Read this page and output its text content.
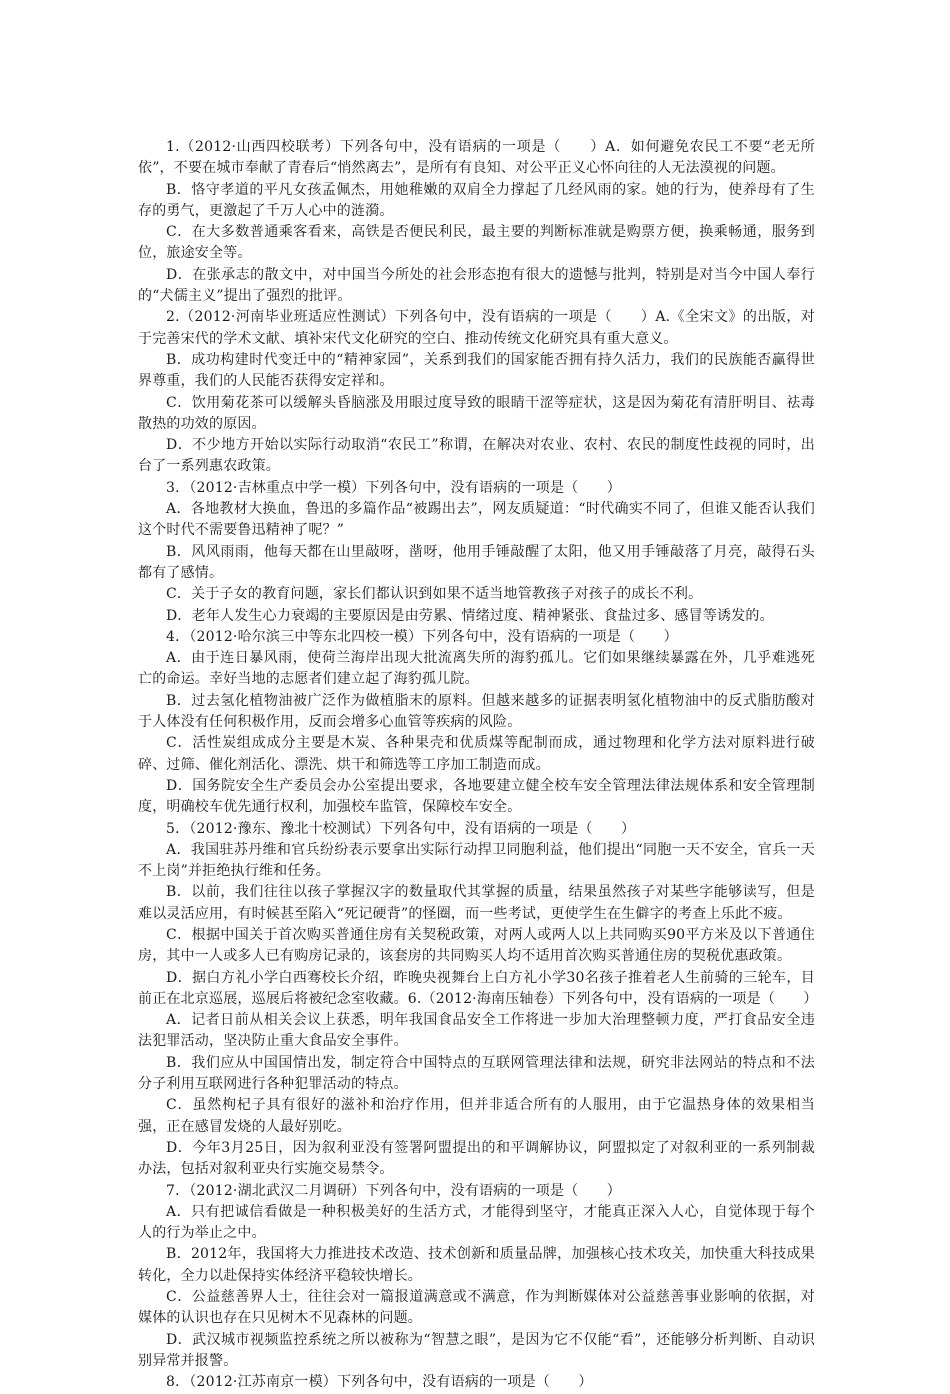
1.（2012·山西四校联考）下列各句中，没有语病的一项是（　　）A．如何避免农民工不要“老无所依”，不要在城市奉献了青春后“悄然离去”，是所有有良知、对公平正义心怀向往的人无法漠视的问题。

B．恪守孝道的平凡女孩孟佩杰，用她稚嫩的双肩全力撑起了几经风雨的家。她的行为，使养母有了生存的勇气，更激起了千万人心中的涟漪。

C．在大多数普通乘客看来，高铁是否便民利民，最主要的判断标准就是购票方便，换乘畅通，服务到位，旅途安全等。

D．在张承志的散文中，对中国当今所处的社会形态抱有很大的遗憾与批判，特别是对当今中国人奉行的“犬儒主义”提出了强烈的批评。

2.（2012·河南毕业班适应性测试）下列各句中，没有语病的一项是（　　）A.《全宋文》的出版，对于完善宋代的学术文献、填补宋代文化研究的空白、推动传统文化研究具有重大意义。

B．成功构建时代变迁中的“精神家园”，关系到我们的国家能否拥有持久活力，我们的民族能否赢得世界尊重，我们的人民能否获得安定祥和。

C．饮用菊花茶可以缓解头昏脑涨及用眼过度导致的眼睛干涩等症状，这是因为菊花有清肝明目、祛毒散热的功效的原因。

D．不少地方开始以实际行动取消“农民工”称谓，在解决对农业、农村、农民的制度性歧视的同时，出台了一系列惠农政策。

3．（2012·吉林重点中学一模）下列各句中，没有语病的一项是（　　）

A．各地教材大换血，鲁迅的多篇作品“被踢出去”，网友质疑道：“时代确实不同了，但谁又能否认我们这个时代不需要鲁迅精神了呢？”

B．风风雨雨，他每天都在山里敲呀，凿呀，他用手锤敲醒了太阳，他又用手锤敲落了月亮，敲得石头都有了感情。

C．关于子女的教育问题，家长们都认识到如果不适当地管教孩子对孩子的成长不利。

D．老年人发生心力衰竭的主要原因是由劳累、情绪过度、精神紧张、食盐过多、感冒等诱发的。

4．（2012·哈尔滨三中等东北四校一模）下列各句中，没有语病的一项是（　　）

A．由于连日暴风雨，使荷兰海岸出现大批流离失所的海豹孤儿。它们如果继续暴露在外，几乎难逃死亡的命运。幸好当地的志愿者们建立起了海豹孤儿院。

B．过去氢化植物油被广泛作为做植脂末的原料。但越来越多的证据表明氢化植物油中的反式脂肪酸对于人体没有任何积极作用，反而会增多心血管等疾病的风险。

C．活性炭组成成分主要是木炭、各种果壳和优质煤等配制而成，通过物理和化学方法对原料进行破碎、过筛、催化剂活化、漂洗、烘干和筛选等工序加工制造而成。

D．国务院安全生产委员会办公室提出要求，各地要建立健全校车安全管理法律法规体系和安全管理制度，明确校车优先通行权利，加强校车监管，保障校车安全。

5．（2012·豫东、豫北十校测试）下列各句中，没有语病的一项是（　　）

A．我国驻苏丹维和官兵纷纷表示要拿出实际行动捍卫同胞利益，他们提出“同胞一天不安全，官兵一天不上岗”并拒绝执行维和任务。

B．以前，我们往往以孩子掌握汉字的数量取代其掌握的质量，结果虽然孩子对某些字能够读写，但是难以灵活应用，有时候甚至陷入“死记硬背”的怪圈，而一些考试，更使学生在生僻字的考查上乐此不疲。

C．根据中国关于首次购买普通住房有关契税政策，对两人或两人以上共同购买90平方米及以下普通住房，其中一人或多人已有购房记录的，该套房的共同购买人均不适用首次购买普通住房的契税优惠政策。

D．据白方礼小学白西骞校长介绍，昨晚央视舞台上白方礼小学30名孩子推着老人生前骑的三轮车，目前正在北京巡展，巡展后将被纪念室收藏。6.（2012·海南压轴卷）下列各句中，没有语病的一项是（　　）

A．记者日前从相关会议上获悉，明年我国食品安全工作将进一步加大治理整顿力度，严打食品安全违法犯罪活动，坚决防止重大食品安全事件。

B．我们应从中国国情出发，制定符合中国特点的互联网管理法律和法规，研究非法网站的特点和不法分子利用互联网进行各种犯罪活动的特点。

C．虽然枸杞子具有很好的滋补和治疗作用，但并非适合所有的人服用，由于它温热身体的效果相当强，正在感冒发烧的人最好别吃。

D．今年3月25日，因为叙利亚没有签署阿盟提出的和平调解协议，阿盟拟定了对叙利亚的一系列制裁办法，包括对叙利亚央行实施交易禁令。

7．（2012·湖北武汉二月调研）下列各句中，没有语病的一项是（　　）

A．只有把诚信看做是一种积极美好的生活方式，才能得到坚守，才能真正深入人心，自觉体现于每个人的行为举止之中。

B．2012年，我国将大力推进技术改造、技术创新和质量品牌，加强核心技术攻关，加快重大科技成果转化，全力以赴保持实体经济平稳较快增长。

C．公益慈善界人士，往往会对一篇报道满意或不满意，作为判断媒体对公益慈善事业影响的依据，对媒体的认识也存在只见树木不见森林的问题。

D．武汉城市视频监控系统之所以被称为“智慧之眼”，是因为它不仅能“看”，还能够分析判断、自动识别异常并报警。

8．（2012·江苏南京一模）下列各句中，没有语病的一项是（　　）
